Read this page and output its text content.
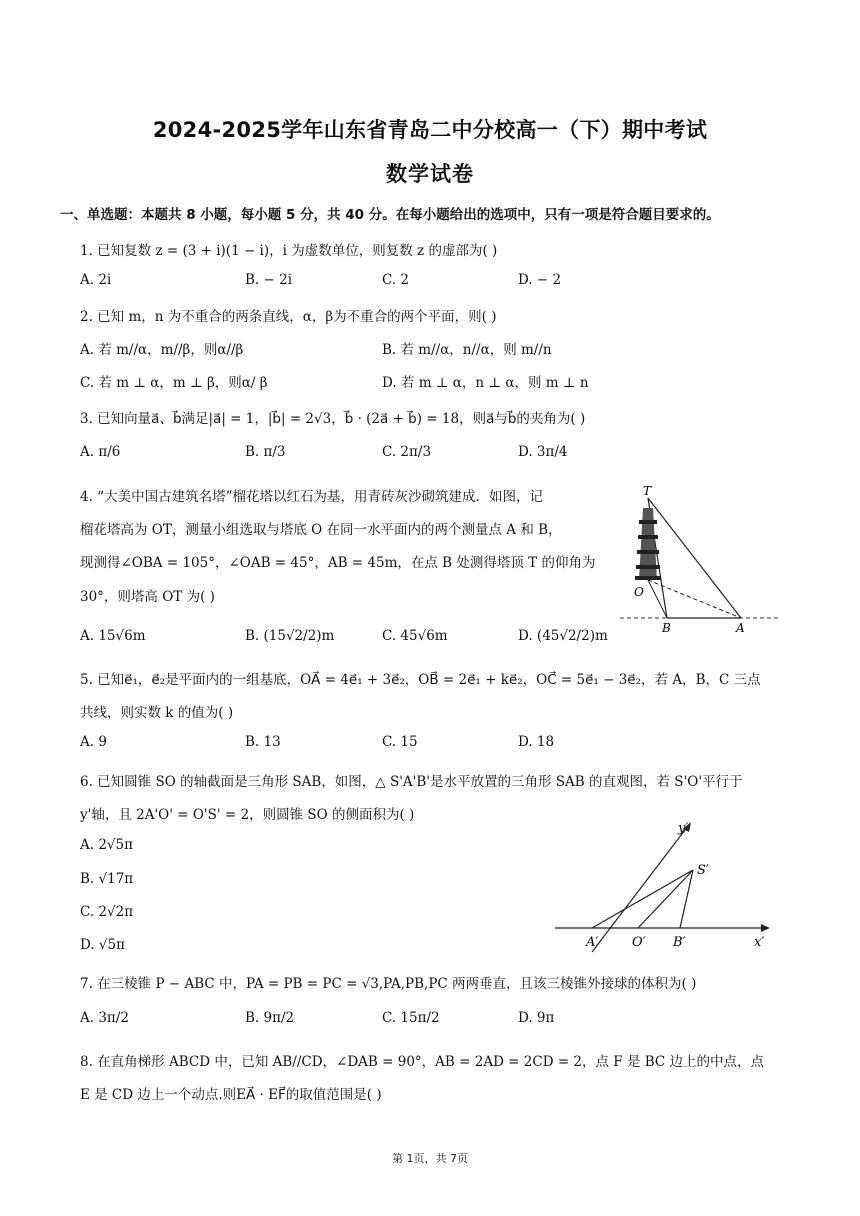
2024-2025学年山东省青岛二中分校高一（下）期中考试
数学试卷
一、单选题：本题共 8 小题，每小题 5 分，共 40 分。在每小题给出的选项中，只有一项是符合题目要求的。
1. 已知复数 z = (3 + i)(1 − i)，i 为虚数单位，则复数 z 的虚部为( )
A. 2i	B. − 2i	C. 2	D. − 2
2. 已知 m，n 为不重合的两条直线，α，β为不重合的两个平面，则( )
A. 若 m//α，m//β，则α//β	B. 若 m//α，n//α，则 m//n
C. 若 m ⊥ α，m ⊥ β，则α/ β	D. 若 m ⊥ α，n ⊥ α，则 m ⊥ n
3. 已知向量a⃗、b⃗满足|a⃗| = 1，|b⃗| = 2√3，b⃗ · (2a⃗ + b⃗) = 18，则a⃗与b⃗的夹角为( )
A. π/6	B. π/3	C. 2π/3	D. 3π/4
4. “大美中国古建筑名塔”榴花塔以红石为基，用青砖灰沙砌筑建成．如图，记
榴花塔高为 OT，测量小组选取与塔底 O 在同一水平面内的两个测量点 A 和 B，
现测得∠OBA = 105°，∠OAB = 45°，AB = 45m，在点 B 处测得塔顶 T 的仰角为
30°，则塔高 OT 为( )
A. 15√6m	B. (15√2/2)m	C. 45√6m	D. (45√2/2)m
T
O
B	A
5. 已知e⃗₁，e⃗₂是平面内的一组基底，OA⃗ = 4e⃗₁ + 3e⃗₂，OB⃗ = 2e⃗₁ + ke⃗₂，OC⃗ = 5e⃗₁ − 3e⃗₂，若 A，B，C 三点
共线，则实数 k 的值为( )
A. 9	B. 13	C. 15	D. 18
6. 已知圆锥 SO 的轴截面是三角形 SAB，如图，△ S'A'B'是水平放置的三角形 SAB 的直观图，若 S'O'平行于
y'轴，且 2A'O' = O'S' = 2，则圆锥 SO 的侧面积为( )
A. 2√5π
B. √17π
C. 2√2π
D. √5π
y′
S′
A′	O′ B′	x′
7. 在三棱锥 P − ABC 中，PA = PB = PC = √3,PA,PB,PC 两两垂直，且该三棱锥外接球的体积为( )
A. 3π/2	B. 9π/2	C. 15π/2	D. 9π
8. 在直角梯形 ABCD 中，已知 AB//CD，∠DAB = 90°，AB = 2AD = 2CD = 2，点 F 是 BC 边上的中点，点
E 是 CD 边上一个动点.则EA⃗ · EF⃗的取值范围是( )
第 1页，共 7页
